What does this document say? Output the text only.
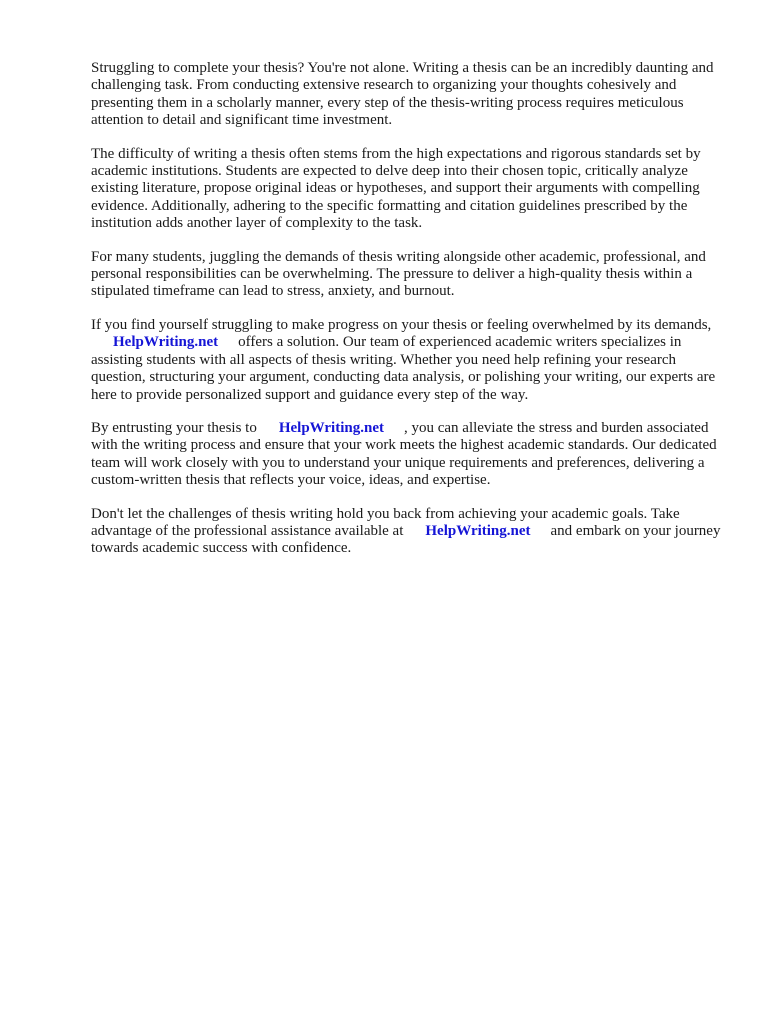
Struggling to complete your thesis? You're not alone. Writing a thesis can be an incredibly daunting and challenging task. From conducting extensive research to organizing your thoughts cohesively and presenting them in a scholarly manner, every step of the thesis-writing process requires meticulous attention to detail and significant time investment.

The difficulty of writing a thesis often stems from the high expectations and rigorous standards set by academic institutions. Students are expected to delve deep into their chosen topic, critically analyze existing literature, propose original ideas or hypotheses, and support their arguments with compelling evidence. Additionally, adhering to the specific formatting and citation guidelines prescribed by the institution adds another layer of complexity to the task.

For many students, juggling the demands of thesis writing alongside other academic, professional, and personal responsibilities can be overwhelming. The pressure to deliver a high-quality thesis within a stipulated timeframe can lead to stress, anxiety, and burnout.

If you find yourself struggling to make progress on your thesis or feeling overwhelmed by its demands,HelpWriting.net offers a solution. Our team of experienced academic writers specializes in assisting students with all aspects of thesis writing. Whether you need help refining your research question, structuring your argument, conducting data analysis, or polishing your writing, our experts are here to provide personalized support and guidance every step of the way.

By entrusting your thesis to HelpWriting.net , you can alleviate the stress and burden associated with the writing process and ensure that your work meets the highest academic standards. Our dedicated team will work closely with you to understand your unique requirements and preferences, delivering a custom-written thesis that reflects your voice, ideas, and expertise.

Don't let the challenges of thesis writing hold you back from achieving your academic goals. Take advantage of the professional assistance available at HelpWriting.net and embark on your journey towards academic success with confidence.
